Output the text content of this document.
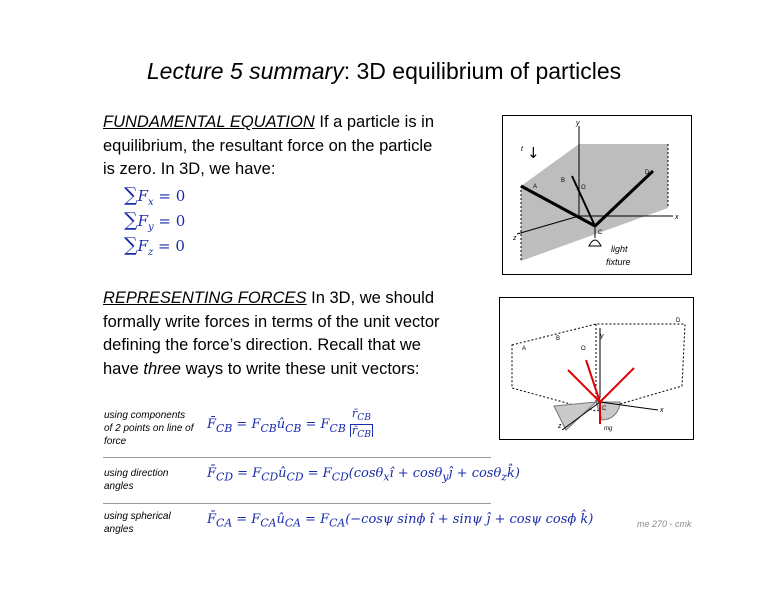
Lecture 5 summary: 3D equilibrium of particles
FUNDAMENTAL EQUATION If a particle is in equilibrium, the resultant force on the particle is zero. In 3D, we have:
$\sum F_x = 0$
$\sum F_y = 0$
$\sum F_z = 0$
REPRESENTING FORCES In 3D, we should formally write forces in terms of the unit vector defining the force’s direction. Recall that we have three ways to write these unit vectors:
using components of 2 points on line of force
$F̄_{CB}$ = $F_{CB}û_{CB} = F_{CB} \frac{r̄_{CB}}{r̄_{CB}}$
using direction angles
$F̄_{CD}$ = $F_{CD}û_{CD}$ = $F_{CD}(\cos\theta_xî$ + cosθ$_y$ĵ + cosθ$_z$k̂)
using spherical angles
$F̄_{CA}$ = $F_{CA}û_{CA} = F_{CA}(-\cos\psi$ sinϕ î + sinψ ĵ + cosψ cosϕ k̂)
y
x
z
A
B
O
D
C
t ↓
light
fixture
y
x
z
A
B
O
D
C
mg
me 270 - cmk
